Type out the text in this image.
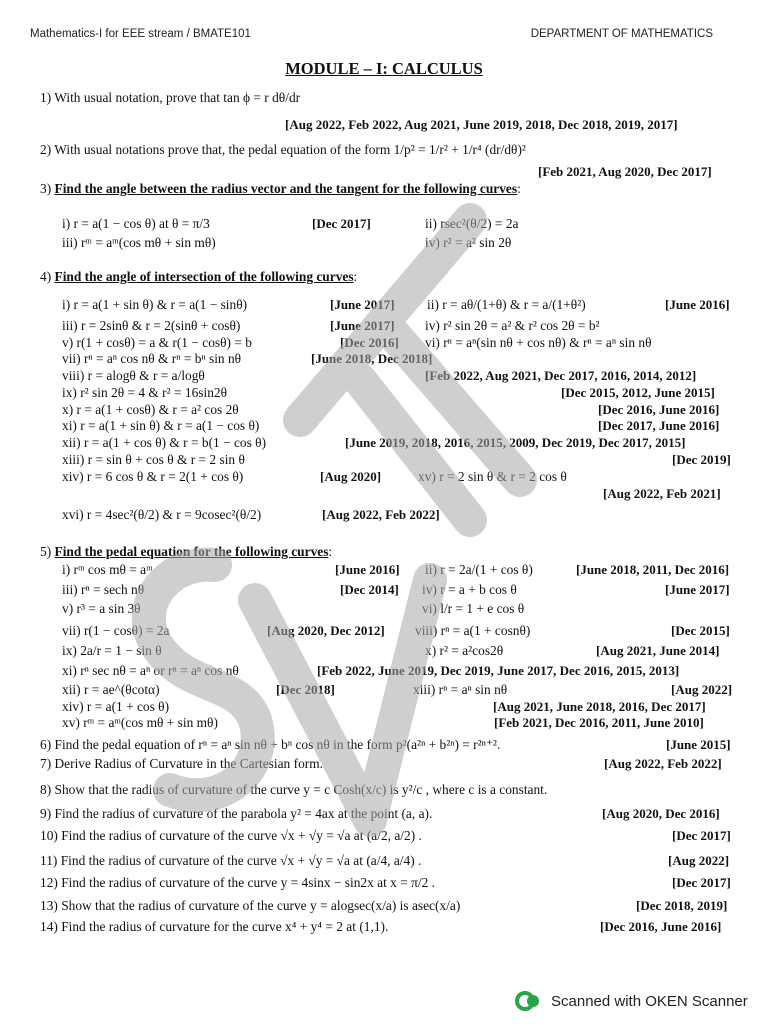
Mathematics-I for EEE stream / BMATE101	DEPARTMENT OF MATHEMATICS
MODULE – I: CALCULUS
1) With usual notation, prove that tan ϕ = r dθ/dr
[Aug 2022, Feb 2022, Aug 2021, June 2019, 2018, Dec 2018, 2019, 2017]
2) With usual notations prove that, the pedal equation of the form 1/p² = 1/r² + 1/r⁴ (dr/dθ)²
[Feb 2021, Aug 2020, Dec 2017]
i) r = a(1 − cos θ) at θ = π/3	[Dec 2017]	ii) rsec²(θ/2) = 2a
iii) rᵐ = aᵐ(cos mθ + sin mθ)	iv) r² = a² sin 2θ
i) r = a(1 + sin θ) & r = a(1 − sinθ)	[June 2017] ii) r = aθ/(1+θ) & r = a/(1+θ²)	[June 2016]
iii) r = 2sinθ & r = 2(sinθ + cosθ)	[June 2017] iv) r² sin 2θ = a² & r² cos 2θ = b²
v) r(1 + cosθ) = a & r(1 − cosθ) = b	[Dec 2016] vi) rⁿ = aⁿ(sin nθ + cos nθ) & rⁿ = aⁿ sin nθ
vii) rⁿ = aⁿ cos nθ & rⁿ = bⁿ sin nθ	[June 2018, Dec 2018]
viii) r = alogθ & r = a/logθ	[Feb 2022, Aug 2021, Dec 2017, 2016, 2014, 2012]
ix) r² sin 2θ = 4 & r² = 16sin2θ	[Dec 2015, 2012, June 2015]
x) r = a(1 + cosθ) & r = a² cos 2θ	[Dec 2016, June 2016]
xi) r = a(1 + sin θ) & r = a(1 − cos θ)	[Dec 2017, June 2016]
xii) r = a(1 + cos θ) & r = b(1 − cos θ)	[June 2019, 2018, 2016, 2015, 2009, Dec 2019, Dec 2017, 2015]
xiii) r = sin θ + cos θ & r = 2 sin θ	[Dec 2019]
xiv) r = 6 cos θ & r = 2(1 + cos θ)	[Aug 2020]	xv) r = 2 sin θ & r = 2 cos θ
[Aug 2022, Feb 2021]
xvi) r = 4sec²(θ/2) & r = 9cosec²(θ/2)	[Aug 2022, Feb 2022]
i) rᵐ cos mθ = aᵐ	[June 2016] ii) r = 2a/(1 + cos θ)	[June 2018, 2011, Dec 2016]
iii) rⁿ = sech nθ	[Dec 2014] iv) r = a + b cos θ	[June 2017]
v) r³ = a sin 3θ	vi) l/r = 1 + e cos θ
vii) r(1 − cosθ) = 2a	[Aug 2020, Dec 2012] viii) rⁿ = a(1 + cosnθ)	[Dec 2015]
ix) 2a/r = 1 − sin θ	x) r² = a²cos2θ	[Aug 2021, June 2014]
xi) rⁿ sec nθ = aⁿ or rⁿ = aⁿ cos nθ	[Feb 2022, June 2019, Dec 2019, June 2017, Dec 2016, 2015, 2013]
xii) r = ae^(θcotα)	[Dec 2018]	xiii) rⁿ = aⁿ sin nθ	[Aug 2022]
xiv) r = a(1 + cos θ)	[Aug 2021, June 2018, 2016, Dec 2017]
xv) rᵐ = aᵐ(cos mθ + sin mθ)	[Feb 2021, Dec 2016, 2011, June 2010]
6) Find the pedal equation of rⁿ = aⁿ sin nθ + bⁿ cos nθ in the form p²(a²ⁿ + b²ⁿ) = r²ⁿ⁺².	[June 2015]
7) Derive Radius of Curvature in the Cartesian form.	[Aug 2022, Feb 2022]
8) Show that the radius of curvature of the curve y = c Cosh(x/c) is y²/c , where c is a constant.
9) Find the radius of curvature of the parabola y² = 4ax at the point (a, a).	[Aug 2020, Dec 2016]
10) Find the radius of curvature of the curve √x + √y = √a at (a/2, a/2) .	[Dec 2017]
11) Find the radius of curvature of the curve √x + √y = √a at (a/4, a/4) .	[Aug 2022]
12) Find the radius of curvature of the curve y = 4sinx − sin2x at x = π/2 .	[Dec 2017]
13) Show that the radius of curvature of the curve y = alogsec(x/a) is asec(x/a)	[Dec 2018, 2019]
14) Find the radius of curvature for the curve x⁴ + y⁴ = 2 at (1,1).	[Dec 2016, June 2016]
3) Find the angle between the radius vector and the tangent for the following curves:
4) Find the angle of intersection of the following curves:
5) Find the pedal equation for the following curves:
Scanned with OKEN Scanner
